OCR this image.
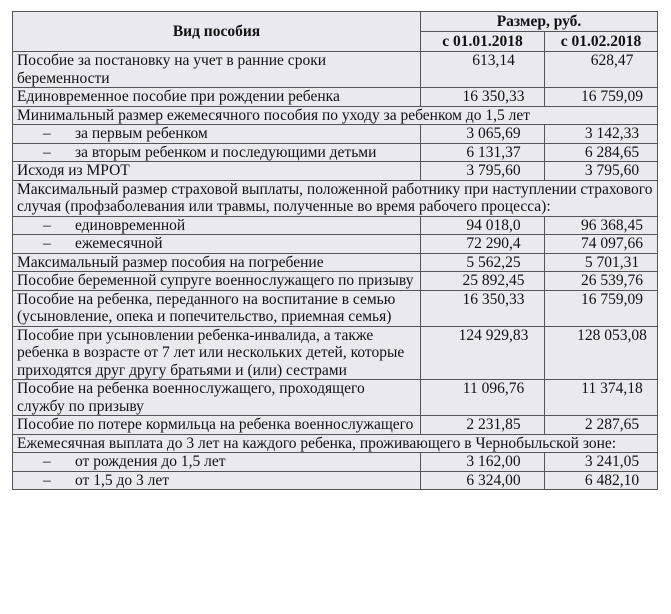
Вид пособия	Размер, руб.	
	с 01.01.2018	с 01.02.2018
Пособие за постановку на учет в ранние сроки беременности	613,14	628,47
Единовременное пособие при рождении ребенка	16 350,33	16 759,09
Минимальный размер ежемесячного пособия по уходу за ребенком до 1,5 лет		
– за первым ребенком	3 065,69	3 142,33
– за вторым ребенком и последующими детьми	6 131,37	6 284,65
Исходя из МРОТ	3 795,60	3 795,60
Максимальный размер страховой выплаты, положенной работнику при наступлении страхового случая (профзаболевания или травмы, полученные во время рабочего процесса):		
– единовременной	94 018,0	96 368,45
– ежемесячной	72 290,4	74 097,66
Максимальный размер пособия на погребение	5 562,25	5 701,31
Пособие беременной супруге военнослужащего по призыву	25 892,45	26 539,76
Пособие на ребенка, переданного на воспитание в семью (усыновление, опека и попечительство, приемная семья)	16 350,33	16 759,09
Пособие при усыновлении ребенка-инвалида, а также ребенка в возрасте от 7 лет или нескольких детей, которые приходятся друг другу братьями и (или) сестрами	124 929,83	128 053,08
Пособие на ребенка военнослужащего, проходящего службу по призыву	11 096,76	11 374,18
Пособие по потере кормильца на ребенка военнослужащего	2 231,85	2 287,65
Ежемесячная выплата до 3 лет на каждого ребенка, проживающего в Чернобыльской зоне:		
– от рождения до 1,5 лет	3 162,00	3 241,05
– от 1,5 до 3 лет	6 324,00	6 482,10
